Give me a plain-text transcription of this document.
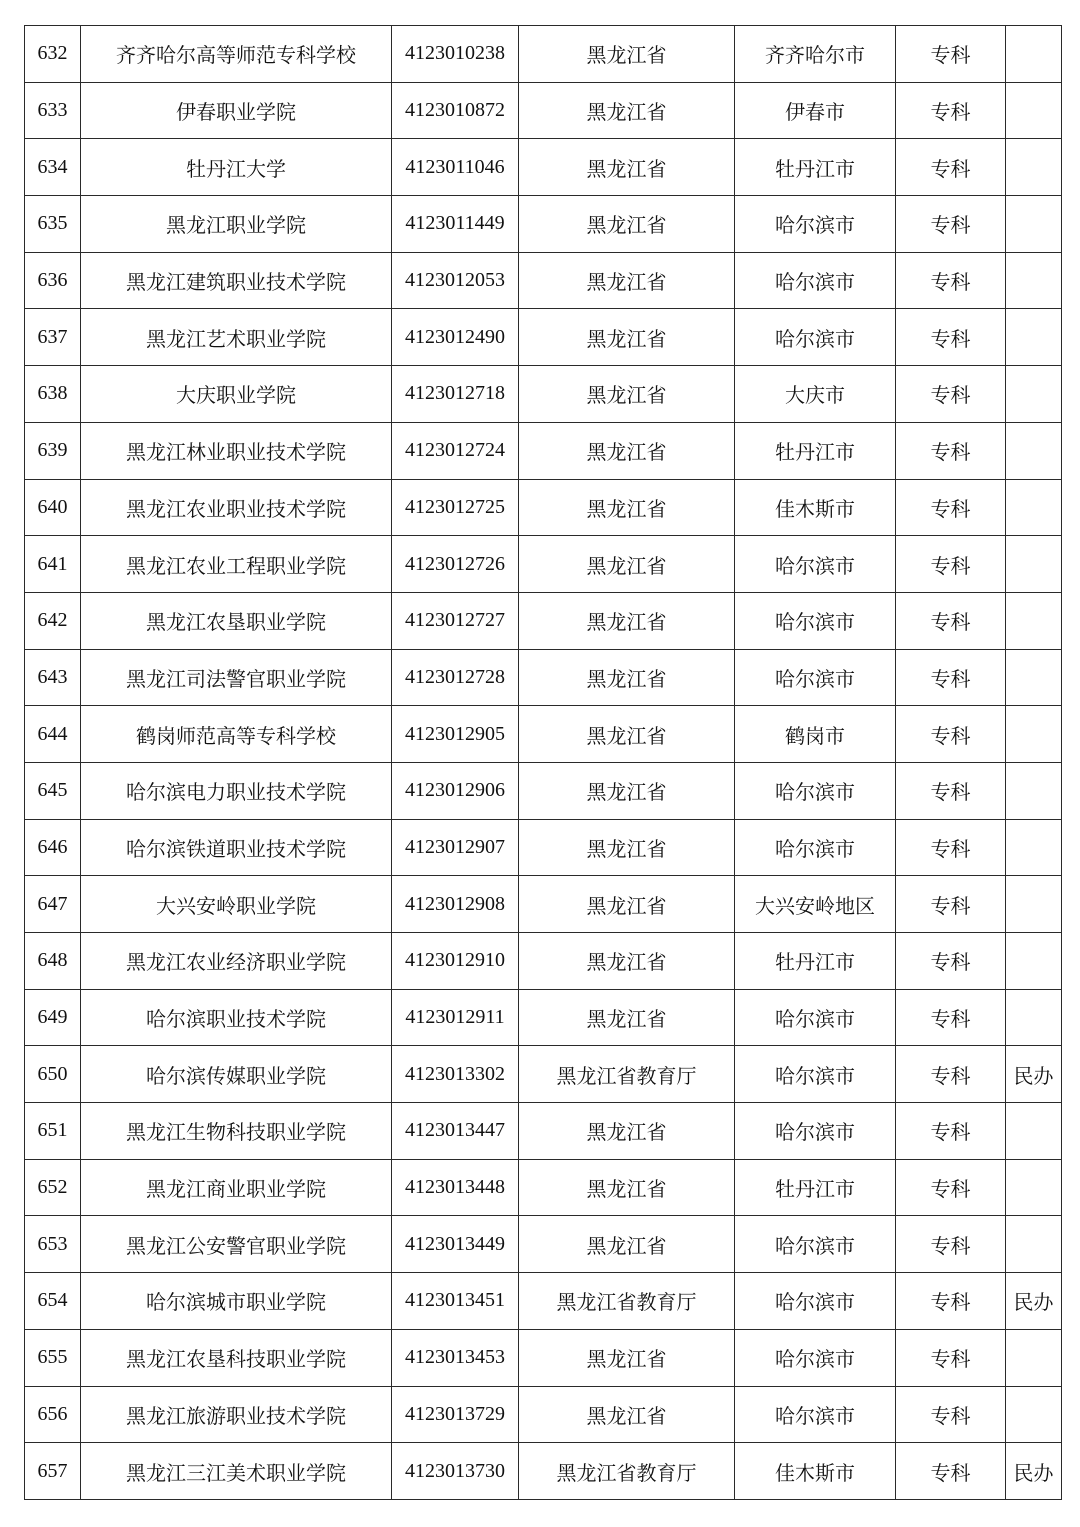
632	齐齐哈尔高等师范专科学校	4123010238	黑龙江省	齐齐哈尔市	专科	
633	伊春职业学院	4123010872	黑龙江省	伊春市	专科	
634	牡丹江大学	4123011046	黑龙江省	牡丹江市	专科	
635	黑龙江职业学院	4123011449	黑龙江省	哈尔滨市	专科	
636	黑龙江建筑职业技术学院	4123012053	黑龙江省	哈尔滨市	专科	
637	黑龙江艺术职业学院	4123012490	黑龙江省	哈尔滨市	专科	
638	大庆职业学院	4123012718	黑龙江省	大庆市	专科	
639	黑龙江林业职业技术学院	4123012724	黑龙江省	牡丹江市	专科	
640	黑龙江农业职业技术学院	4123012725	黑龙江省	佳木斯市	专科	
641	黑龙江农业工程职业学院	4123012726	黑龙江省	哈尔滨市	专科	
642	黑龙江农垦职业学院	4123012727	黑龙江省	哈尔滨市	专科	
643	黑龙江司法警官职业学院	4123012728	黑龙江省	哈尔滨市	专科	
644	鹤岗师范高等专科学校	4123012905	黑龙江省	鹤岗市	专科	
645	哈尔滨电力职业技术学院	4123012906	黑龙江省	哈尔滨市	专科	
646	哈尔滨铁道职业技术学院	4123012907	黑龙江省	哈尔滨市	专科	
647	大兴安岭职业学院	4123012908	黑龙江省	大兴安岭地区	专科	
648	黑龙江农业经济职业学院	4123012910	黑龙江省	牡丹江市	专科	
649	哈尔滨职业技术学院	4123012911	黑龙江省	哈尔滨市	专科	
650	哈尔滨传媒职业学院	4123013302	黑龙江省教育厅	哈尔滨市	专科	民办
651	黑龙江生物科技职业学院	4123013447	黑龙江省	哈尔滨市	专科	
652	黑龙江商业职业学院	4123013448	黑龙江省	牡丹江市	专科	
653	黑龙江公安警官职业学院	4123013449	黑龙江省	哈尔滨市	专科	
654	哈尔滨城市职业学院	4123013451	黑龙江省教育厅	哈尔滨市	专科	民办
655	黑龙江农垦科技职业学院	4123013453	黑龙江省	哈尔滨市	专科	
656	黑龙江旅游职业技术学院	4123013729	黑龙江省	哈尔滨市	专科	
657	黑龙江三江美术职业学院	4123013730	黑龙江省教育厅	佳木斯市	专科	民办
